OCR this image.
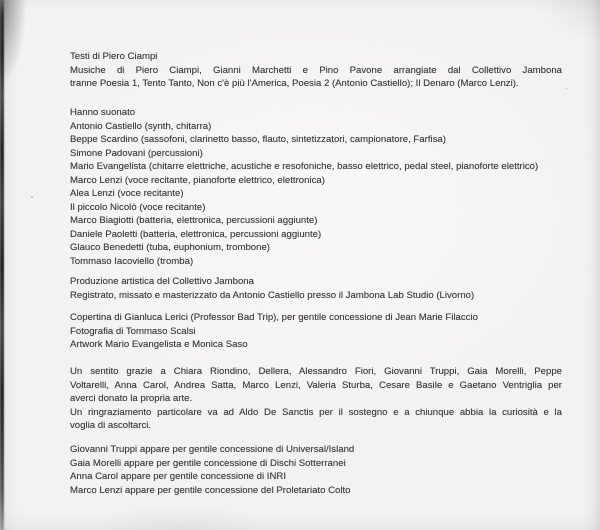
Testi di Piero Ciampi
Musiche di Piero Ciampi, Gianni Marchetti e Pino Pavone arrangiate dal Collettivo Jambona
tranne Poesia 1, Tento Tanto, Non c'è più l'America, Poesia 2 (Antonio Castiello); Il Denaro (Marco Lenzi).
Hanno suonato
Antonio Castiello (synth, chitarra)
Beppe Scardino (sassofoni, clarinetto basso, flauto, sintetizzatori, campionatore, Farfisa)
Simone Padovani (percussioni)
Mario Evangelista (chitarre elettriche, acustiche e resofoniche, basso elettrico, pedal steel, pianoforte elettrico)
Marco Lenzi (voce recitante, pianoforte elettrico, elettronica)
Alea Lenzi (voce recitante)
Il piccolo Nicolò (voce recitante)
Marco Biagiotti (batteria, elettronica, percussioni aggiunte)
Daniele Paoletti (batteria, elettronica, percussioni aggiunte)
Glauco Benedetti (tuba, euphonium, trombone)
Tommaso Iacoviello (tromba)
Produzione artistica del Collettivo Jambona
Registrato, missato e masterizzato da Antonio Castiello presso il Jambona Lab Studio (Livorno)
Copertina di Gianluca Lerici (Professor Bad Trip), per gentile concessione di Jean Marie Filaccio
Fotografia di Tommaso Scalsi
Artwork Mario Evangelista e Monica Saso
Un sentito grazie a Chiara Riondino, Dellera, Alessandro Fiori, Giovanni Truppi, Gaia Morelli, Peppe
Voltarelli, Anna Carol, Andrea Satta, Marco Lenzi, Valeria Sturba, Cesare Basile e Gaetano Ventriglia per
averci donato la propria arte.
Un ringraziamento particolare va ad Aldo De Sanctis per il sostegno e a chiunque abbia la curiosità e la
voglia di ascoltarci.
Giovanni Truppi appare per gentile concessione di Universal/Island
Gaia Morelli appare per gentile concessione di Dischi Sotterranei
Anna Carol appare per gentile concessione di INRI
Marco Lenzi appare per gentile concessione del Proletariato Colto
